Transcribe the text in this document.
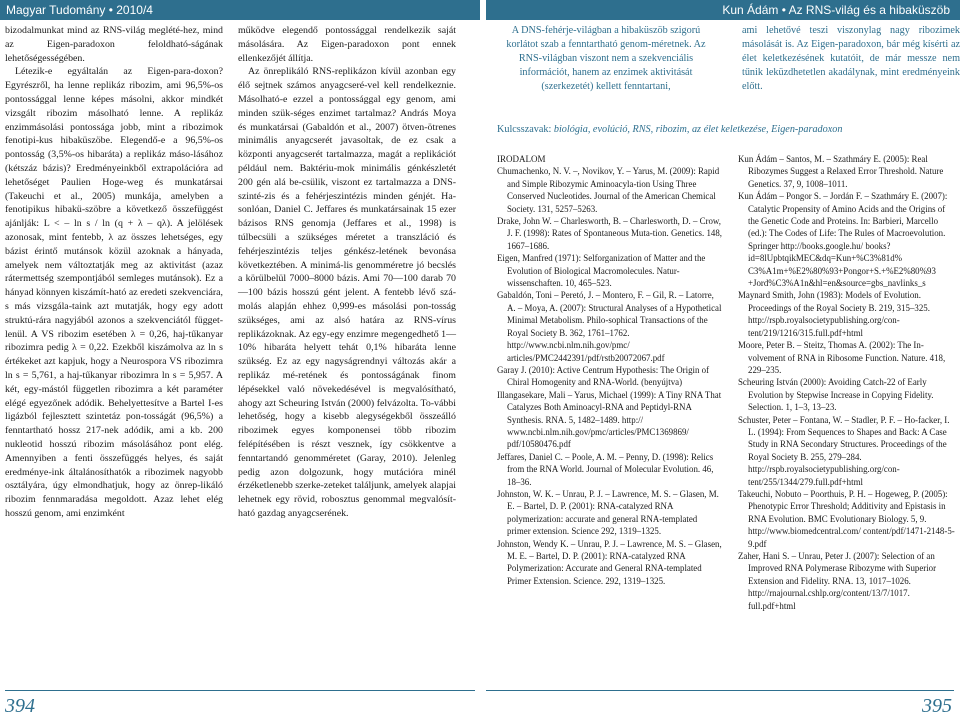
Magyar Tudomány • 2010/4	Kun Ádám • Az RNS-világ és a hibaküszöb

bizodalmunkat mind az RNS-világ meglété-hez, mind az Eigen-paradoxon feloldható-ságának lehetőségességében.

Létezik-e egyáltalán az Eigen-para-doxon? Egyrészről, ha lenne replikáz ribozim, ami 96,5%-os pontossággal lenne képes másolni, akkor mindkét vizsgált ribozim másolható lenne. A replikáz enzimmásolási pontossága jobb, mint a ribozimok fenotipi-kus hibaküszöbe. Elegendő-e a 96,5%-os pontosság (3,5%-os hibaráta) a replikáz máso-lásához (kétszáz bázis)? Eredményeinkből extrapolációra ad lehetőséget Paulien Hoge-weg és munkatársai (Takeuchi et al., 2005) munkája, amelyben a fenotipikus hibakü-szöbre a következő összefüggést ajánlják: L < – ln s / ln (q + λ – qλ). A jelölések azonosak, mint fentebb, λ az összes lehetséges, egy bázist érintő mutánsok közül azoknak a hányada, amelyek nem változtatják meg az aktivitást (azaz rátermettség szempontjából semleges mutánsok). Ez a hányad könnyen kiszámít-ható az eredeti szekvenciára, s más vizsgála-taink azt mutatják, hogy egy adott struktú-rára nagyjából azonos a szekvenciától függet-lenül. A VS ribozim esetében λ = 0,26, haj-tűkanyar ribozimra pedig λ = 0,22. Ezekből kiszámolva az ln s értékeket azt kapjuk, hogy a Neurospora VS ribozimra ln s = 5,761, a haj-tűkanyar ribozimra ln s = 5,957. A két, egy-mástól független ribozimra a két paraméter elégé egyezőnek adódik. Behelyettesítve a Bartel I-es ligázból fejlesztett szintetáz pon-tosságát (96,5%) a fenntartható hossz 217-nek adódik, ami a kb. 200 nukleotid hosszú ribozim másolásához pont elég. Amennyiben a fenti összefüggés helyes, és saját eredménye-ink általánosíthatók a ribozimek nagyobb osztályára, úgy elmondhatjuk, hogy az önrep-likáló ribozim fennmaradása megoldott. Azaz lehet elég hosszú genom, ami enzimként

működve elegendő pontossággal rendelkezik saját másolására. Az Eigen-paradoxon pont ennek ellenkezőjét állítja.

Az önreplikáló RNS-replikázon kívül azonban egy élő sejtnek számos anyagcseré-vel kell rendelkeznie. Másolható-e ezzel a pontossággal egy genom, ami minden szük-séges enzimet tartalmaz? András Moya és munkatársai (Gabaldón et al., 2007) ötven-ötrenes minimális anyagcserét javasoltak, de ez csak a központi anyagcserét tartalmazza, magát a replikációt például nem. Baktériu-mok minimális génkészletét 200 gén alá be-csülik, viszont ez tartalmazza a DNS-szinté-zis és a fehérjeszintézis minden génjét. Ha-sonlóan, Daniel C. Jeffares és munkatársainak 15 ezer bázisos RNS genomja (Jeffares et al., 1998) is túlbecsüli a szükséges méretet a transzláció és fehérjeszintézis teljes génkész-letének bevonása következtében. A minimá-lis genomméretre jó becslés a körülbelül 7000–8000 bázis. Ami 70—100 darab 70—100 bázis hosszú gént jelent. A fentebb lévő szá-molás alapján ehhez 0,999-es másolási pon-tosság szükséges, ami az alsó határa az RNS-vírus replikázoknak. Az egy-egy enzimre megengedhető 1—10% hibaráta helyett tehát 0,1% hibaráta lenne szükség. Ez az egy nagyságrendnyi változás akár a replikáz mé-retének és pontosságának finom lépésekkel való növekedésével is megvalósítható, ahogy azt Scheuring István (2000) felvázolta. To-vábbi lehetőség, hogy a kisebb alegységekből összeálló ribozimek egyes komponensei több ribozim felépítésében is részt vesznek, így csökkentve a fenntartandó genomméretet (Garay, 2010). Jelenleg pedig azon dolgozunk, hogy mutációra minél érzéketlenebb szerke-zeteket találjunk, amelyek alapjai lehetnek egy rövid, robosztus genommal megvalósít-ható gazdag anyagcserének.

A DNS-fehérje-világban a hibaküszöb szigorú korlátot szab a fenntartható genom-méretnek. Az RNS-világban viszont nem a szekvenciális információt, hanem az enzimek aktivitását (szerkezetét) kellett fenntartani,
ami lehetővé teszi viszonylag nagy ribozimek másolását is. Az Eigen-paradoxon, bár még kísérti az élet keletkezésének kutatóit, de már messze nem tűnik leküzdhetetlen akadálynak, mint eredményeink előtt.
Kulcsszavak: biológia, evolúció, RNS, ribozim, az élet keletkezése, Eigen-paradoxon
IRODALOM

Chumachenko, N. V. –, Novikov, Y. – Yarus, M. (2009): Rapid and Simple Ribozymic Aminoacyla-tion Using Three Conserved Nucleotides. Journal of the American Chemical Society. 131, 5257–5263.

Drake, John W. – Charlesworth, B. – Charlesworth, D. – Crow, J. F. (1998): Rates of Spontaneous Muta-tion. Genetics. 148, 1667–1686.

Eigen, Manfred (1971): Selforganization of Matter and the Evolution of Biological Macromolecules. Natur-wissenschaften. 10, 465–523.

Gabaldón, Toni – Peretó, J. – Montero, F. – Gil, R. – Latorre, A. – Moya, A. (2007): Structural Analyses of a Hypothetical Minimal Metabolism. Philo-sophical Transactions of the Royal Society B. 362, 1761–1762. http://www.ncbi.nlm.nih.gov/pmc/ articles/PMC2442391/pdf/rstb20072067.pdf

Garay J. (2010): Active Centrum Hypothesis: The Origin of Chiral Homogenity and RNA-World. (benyújtva)

Illangasekare, Mali – Yarus, Michael (1999): A Tiny RNA That Catalyzes Both Aminoacyl-RNA and Peptidyl-RNA Synthesis. RNA. 5, 1482–1489. http:// www.ncbi.nlm.nih.gov/pmc/articles/PMC1369869/ pdf/10580476.pdf

Jeffares, Daniel C. – Poole, A. M. – Penny, D. (1998): Relics from the RNA World. Journal of Molecular Evolution. 46, 18–36.

Johnston, W. K. – Unrau, P. J. – Lawrence, M. S. – Glasen, M. E. – Bartel, D. P. (2001): RNA-catalyzed RNA polymerization: accurate and general RNA-templated primer extension. Science 292, 1319–1325.

Johnston, Wendy K. – Unrau, P. J. – Lawrence, M. S. – Glasen, M. E. – Bartel, D. P. (2001): RNA-catalyzed RNA Polymerization: Accurate and General RNA-templated Primer Extension. Science. 292, 1319–1325.

Kun Ádám – Santos, M. – Szathmáry E. (2005): Real Ribozymes Suggest a Relaxed Error Threshold. Nature Genetics. 37, 9, 1008–1011.

Kun Ádám – Pongor S. – Jordán F. – Szathmáry E. (2007): Catalytic Propensity of Amino Acids and the Origins of the Genetic Code and Proteins. In: Barbieri, Marcello (ed.): The Codes of Life: The Rules of Macroevolution. Springer http://books.google.hu/ books?id=8lUpbtqikMEC&dq=Kun+%C3%81d% C3%A1m+%E2%80%93+Pongor+S.+%E2%80%93 +Jord%C3%A1n&hl=en&source=gbs_navlinks_s

Maynard Smith, John (1983): Models of Evolution. Proceedings of the Royal Society B. 219, 315–325. http://rspb.royalsocietypublishing.org/con-tent/219/1216/315.full.pdf+html

Moore, Peter B. – Steitz, Thomas A. (2002): The In-volvement of RNA in Ribosome Function. Nature. 418, 229–235.

Scheuring István (2000): Avoiding Catch-22 of Early Evolution by Stepwise Increase in Copying Fidelity. Selection. 1, 1–3, 13–23.

Schuster, Peter – Fontana, W. – Stadler, P. F. – Ho-facker, I. L. (1994): From Sequences to Shapes and Back: A Case Study in RNA Secondary Structures. Proceedings of the Royal Society B. 255, 279–284. http://rspb.royalsocietypublishing.org/con-tent/255/1344/279.full.pdf+html

Takeuchi, Nobuto – Poorthuis, P. H. – Hogeweg, P. (2005): Phenotypic Error Threshold; Additivity and Epistasis in RNA Evolution. BMC Evolutionary Biology. 5, 9. http://www.biomedcentral.com/ content/pdf/1471-2148-5-9.pdf

Zaher, Hani S. – Unrau, Peter J. (2007): Selection of an Improved RNA Polymerase Ribozyme with Superior Extension and Fidelity. RNA. 13, 1017–1026. http://rnajournal.cshlp.org/content/13/7/1017. full.pdf+html

394	395
